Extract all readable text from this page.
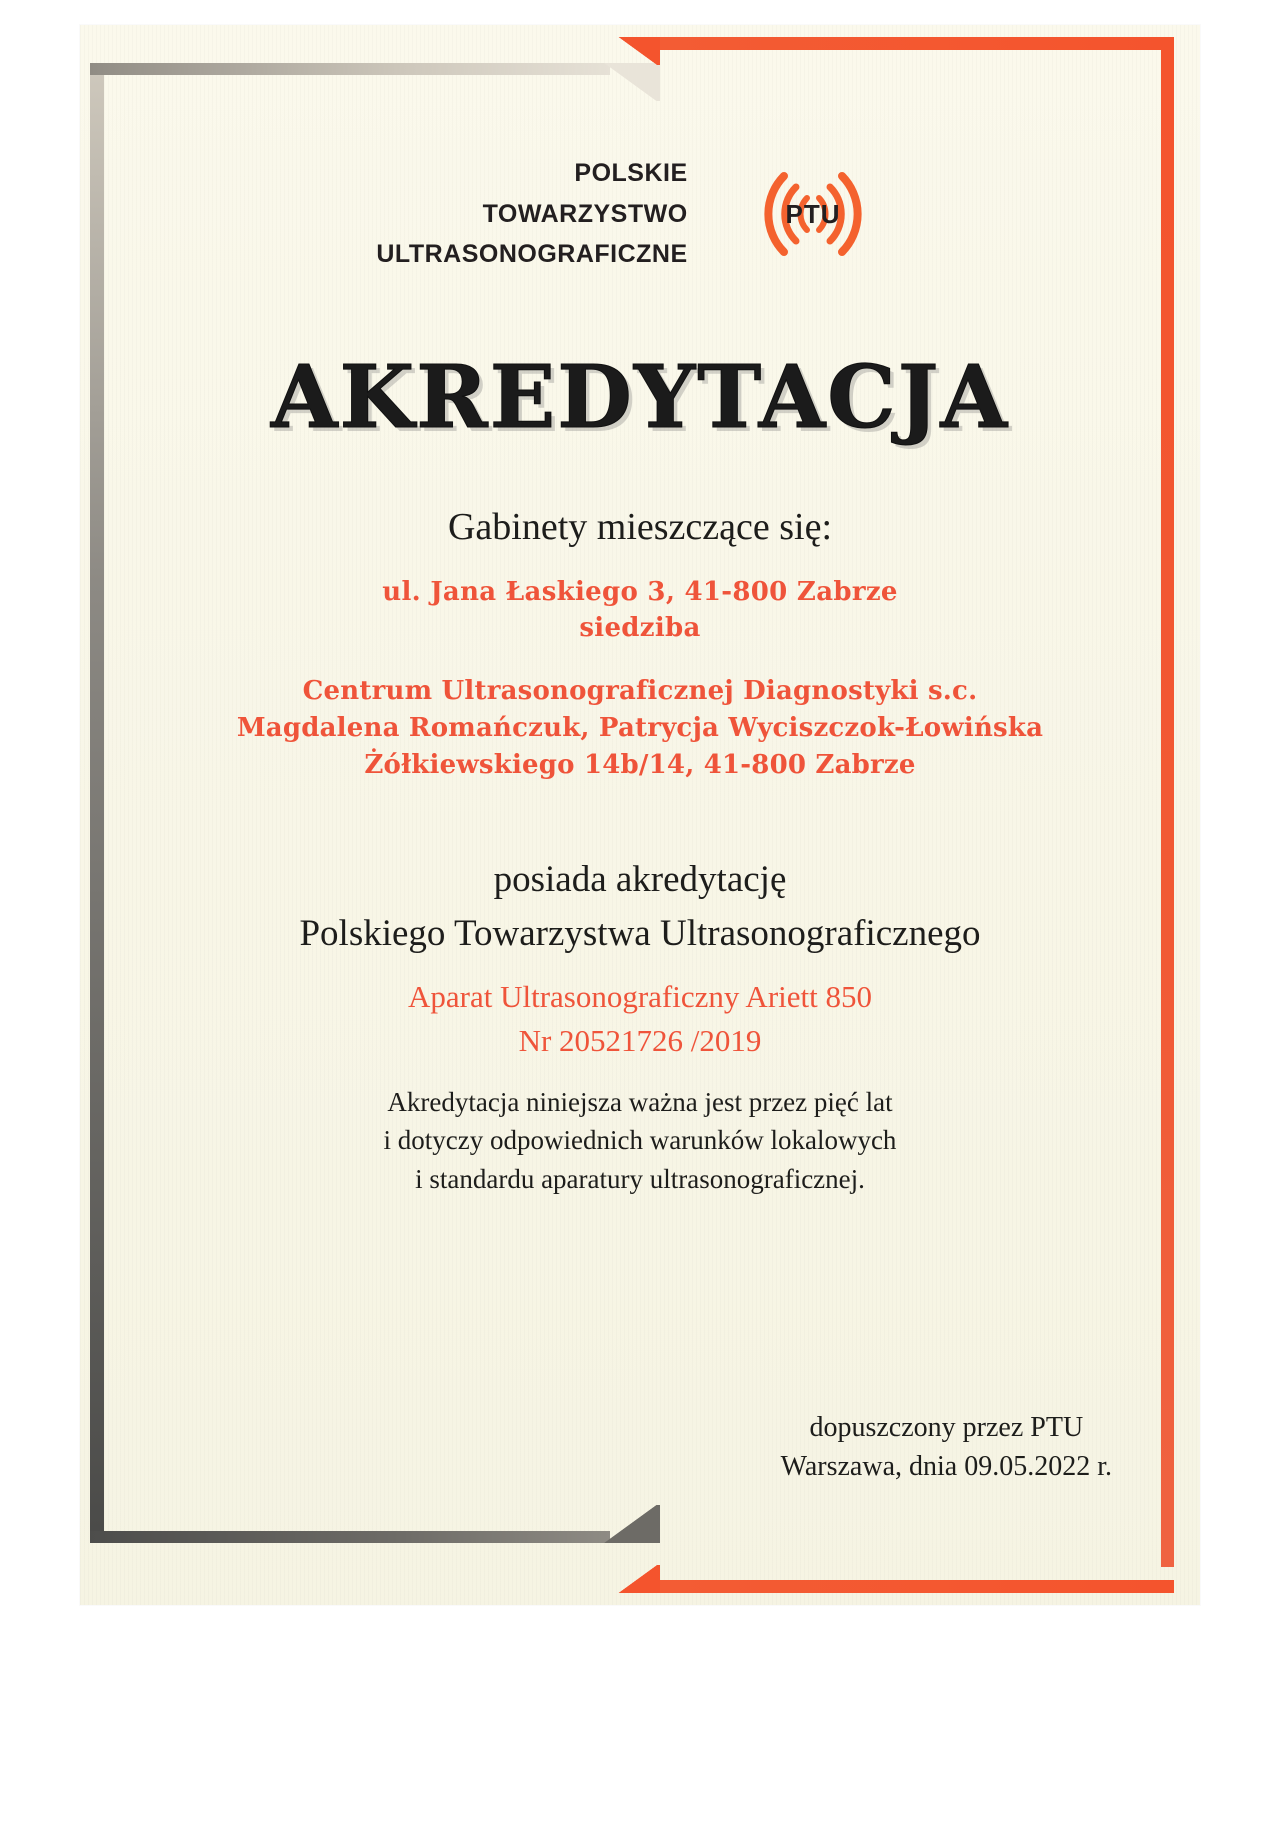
POLSKIE
TOWARZYSTWO
ULTRASONOGRAFICZNE
PTU
AKREDYTACJA
Gabinety mieszczące się:
ul. Jana Łaskiego 3, 41-800 Zabrze
siedziba
Centrum Ultrasonograficznej Diagnostyki s.c.
Magdalena Romańczuk, Patrycja Wyciszczok-Łowińska
Żółkiewskiego 14b/14, 41-800 Zabrze
posiada akredytację
Polskiego Towarzystwa Ultrasonograficznego
Aparat Ultrasonograficzny Ariett 850
Nr 20521726 /2019
Akredytacja niniejsza ważna jest przez pięć lat
i dotyczy odpowiednich warunków lokalowych
i standardu aparatury ultrasonograficznej.
dopuszczony przez PTU
Warszawa, dnia 09.05.2022 r.
